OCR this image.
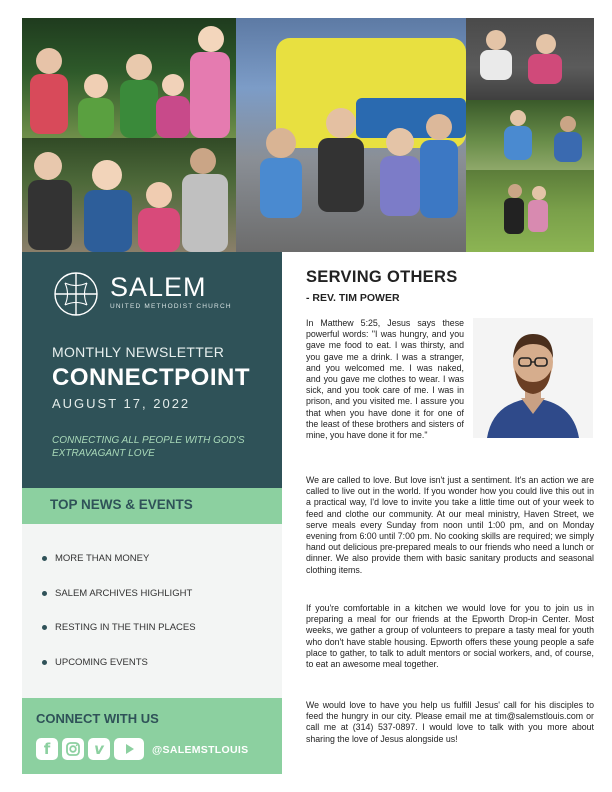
SALEM
UNITED METHODIST CHURCH
MONTHLY NEWSLETTER
CONNECTPOINT
AUGUST 17, 2022
CONNECTING ALL PEOPLE WITH GOD'S EXTRAVAGANT LOVE
TOP NEWS & EVENTS
MORE THAN MONEY
SALEM ARCHIVES HIGHLIGHT
RESTING IN THE THIN PLACES
UPCOMING EVENTS
CONNECT WITH US
f	v	@SALEMSTLOUIS
SERVING OTHERS
- REV. TIM POWER

In Matthew 5:25, Jesus says these powerful words: "I was hungry, and you gave me food to eat. I was thirsty, and you gave me a drink. I was a stranger, and you welcomed me. I was naked, and you gave me clothes to wear. I was sick, and you took care of me. I was in prison, and you visited me. I assure you that when you have done it for one of the least of these brothers and sisters of mine, you have done it for me."

We are called to love. But love isn't just a sentiment. It's an action we are called to live out in the world. If you wonder how you could live this out in a practical way, I'd love to invite you take a little time out of your week to feed and clothe our community. At our meal ministry, Haven Street, we serve meals every Sunday from noon until 1:00 pm, and on Monday evening from 6:00 until 7:00 pm. No cooking skills are required; we simply hand out delicious pre-prepared meals to our friends who need a lunch or dinner. We also provide them with basic sanitary products and seasonal clothing items.

If you're comfortable in a kitchen we would love for you to join us in preparing a meal for our friends at the Epworth Drop-in Center. Most weeks, we gather a group of volunteers to prepare a tasty meal for youth who don't have stable housing. Epworth offers these young people a safe place to gather, to talk to adult mentors or social workers, and, of course, to eat an awesome meal together.

We would love to have you help us fulfill Jesus' call for his disciples to feed the hungry in our city. Please email me at tim@salemstlouis.com or call me at (314) 537-0897. I would love to talk with you more about sharing the love of Jesus alongside us!
